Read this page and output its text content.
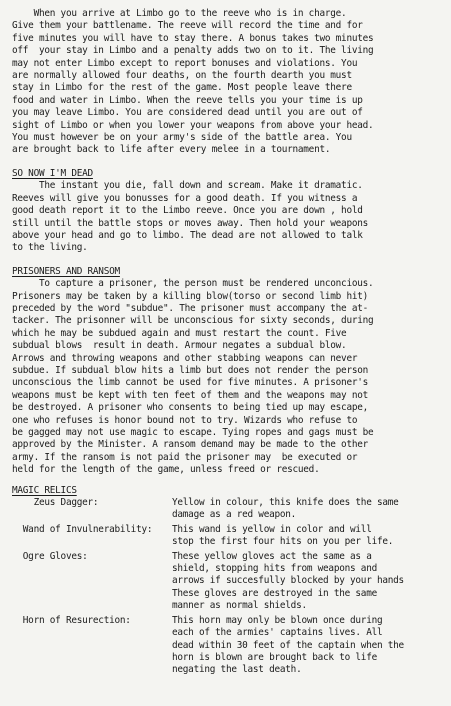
When you arrive at Limbo go to the reeve who is in charge.

Give them your battlename. The reeve will record the time and for

five minutes you will have to stay there. A bonus takes two minutes

off  your stay in Limbo and a penalty adds two on to it. The living

may not enter Limbo except to report bonuses and violations. You

are normally allowed four deaths, on the fourth dearth you must

stay in Limbo for the rest of the game. Most people leave there

food and water in Limbo. When the reeve tells you your time is up

you may leave Limbo. You are considered dead until you are out of

sight of Limbo or when you lower your weapons from above your head.

You must however be on your army's side of the battle area. You

are brought back to life after every melee in a tournament.

SO NOW I'M DEAD

The instant you die, fall down and scream. Make it dramatic.

Reeves will give you bonusses for a good death. If you witness a

good death report it to the Limbo reeve. Once you are down , hold

still until the battle stops or moves away. Then hold your weapons

above your head and go to limbo. The dead are not allowed to talk

to the living.

PRISONERS AND RANSOM

To capture a prisoner, the person must be rendered unconcious.

Prisoners may be taken by a killing blow(torso or second limb hit)

preceded by the word "subdue". The prisoner must accompany the at-

tacker. The prisonner will be unconscious for sixty seconds, during

which he may be subdued again and must restart the count. Five

subdual blows  result in death. Armour negates a subdual blow.

Arrows and throwing weapons and other stabbing weapons can never

subdue. If subdual blow hits a limb but does not render the person

unconscious the limb cannot be used for five minutes. A prisoner's

weapons must be kept with ten feet of them and the weapons may not

be destroyed. A prisoner who consents to being tied up may escape,

one who refuses is honor bound not to try. Wizards who refuse to

be gagged may not use magic to escape. Tying ropes and gags must be

approved by the Minister. A ransom demand may be made to the other

army. If the ransom is not paid the prisoner may  be executed or

held for the length of the game, unless freed or rescued.

MAGIC RELICS

Zeus Dagger:	Yellow in colour, this knife does the same
damage as a red weapon.
Wand of Invulnerability:	This wand is yellow in color and will
stop the first four hits on you per life.
Ogre Gloves:	These yellow gloves act the same as a
shield, stopping hits from weapons and
arrows if succesfully blocked by your hands
These gloves are destroyed in the same
manner as normal shields.
Horn of Resurection:	This horn may only be blown once during
each of the armies' captains lives. All
dead within 30 feet of the captain when the
horn is blown are brought back to life
negating the last death.
